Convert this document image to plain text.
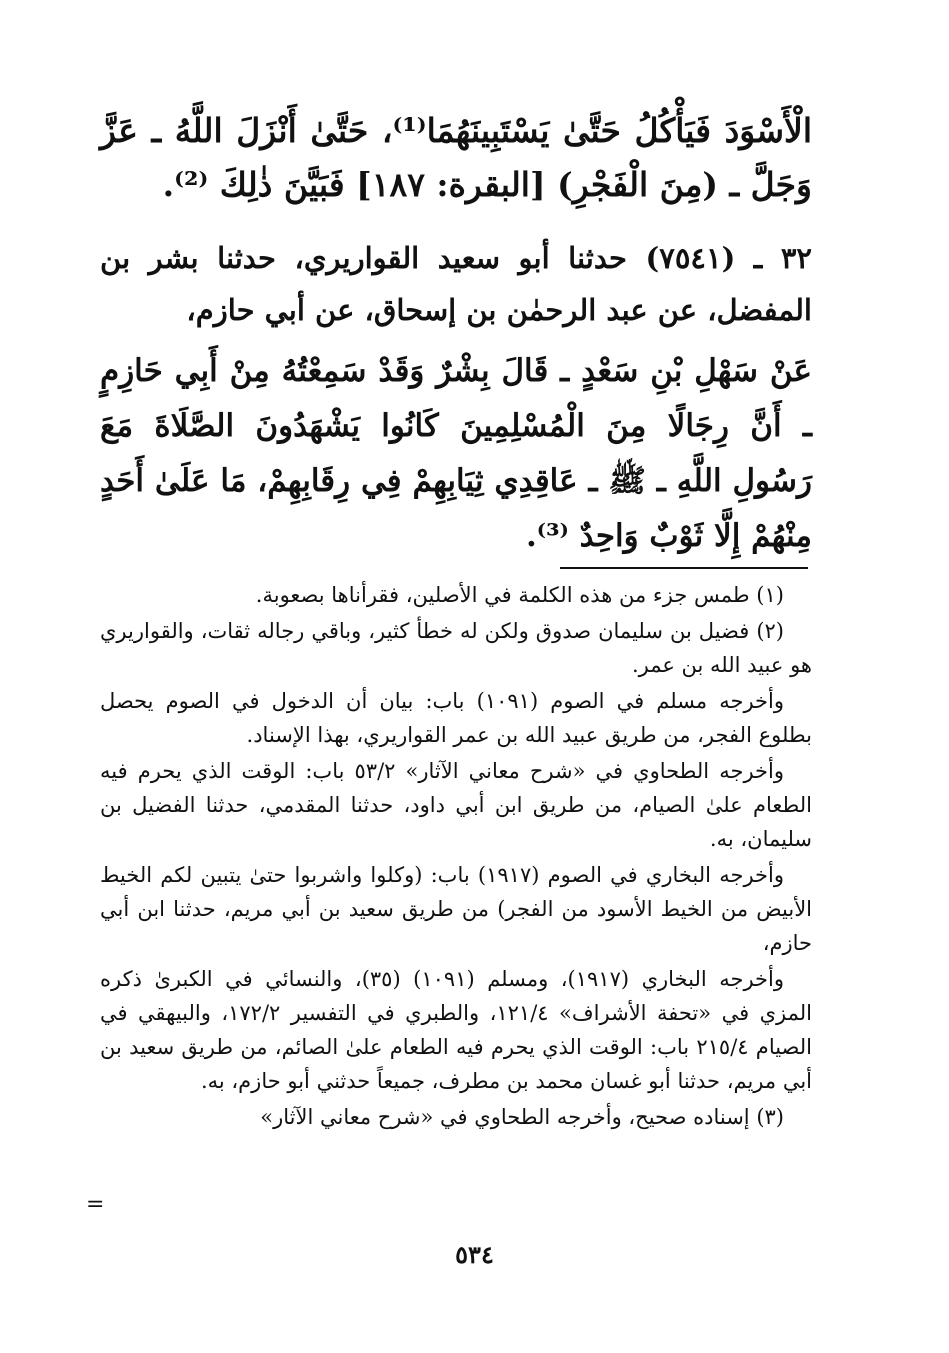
الْأَسْوَدَ فَيَأْكُلُ حَتَّىٰ يَسْتَبِينَهُمَا⁽¹⁾، حَتَّىٰ أَنْزَلَ اللَّهُ ـ عَزَّ وَجَلَّ ـ (مِنَ الْفَجْرِ) [البقرة: ١٨٧] فَبَيَّنَ ذٰلِكَ ⁽²⁾.

٣٢ ـ (٧٥٤١) حدثنا أبو سعيد القواريري، حدثنا بشر بن المفضل، عن عبد الرحمٰن بن إسحاق، عن أبي حازم،

عَنْ سَهْلِ بْنِ سَعْدٍ ـ قَالَ بِشْرٌ وَقَدْ سَمِعْتُهُ مِنْ أَبِي حَازِمٍ ـ أَنَّ رِجَالًا مِنَ الْمُسْلِمِينَ كَانُوا يَشْهَدُونَ الصَّلَاةَ مَعَ رَسُولِ اللَّهِ ـ ﷺ ـ عَاقِدِي ثِيَابِهِمْ فِي رِقَابِهِمْ، مَا عَلَىٰ أَحَدٍ مِنْهُمْ إِلَّا ثَوْبٌ وَاحِدٌ ⁽³⁾.

(١) طمس جزء من هذه الكلمة في الأصلين، فقرأناها بصعوبة.

(٢) فضيل بن سليمان صدوق ولكن له خطأ كثير، وباقي رجاله ثقات، والقواريري هو عبيد الله بن عمر.

وأخرجه مسلم في الصوم (١٠٩١) باب: بيان أن الدخول في الصوم يحصل بطلوع الفجر، من طريق عبيد الله بن عمر القواريري، بهذا الإسناد.

وأخرجه الطحاوي في «شرح معاني الآثار» ٥٣/٢ باب: الوقت الذي يحرم فيه الطعام علىٰ الصيام، من طريق ابن أبي داود، حدثنا المقدمي، حدثنا الفضيل بن سليمان، به.

وأخرجه البخاري في الصوم (١٩١٧) باب: (وكلوا واشربوا حتىٰ يتبين لكم الخيط الأبيض من الخيط الأسود من الفجر) من طريق سعيد بن أبي مريم، حدثنا ابن أبي حازم،

وأخرجه البخاري (١٩١٧)، ومسلم (١٠٩١) (٣٥)، والنسائي في الكبرىٰ ذكره المزي في «تحفة الأشراف» ١٢١/٤، والطبري في التفسير ١٧٢/٢، والبيهقي في الصيام ٢١٥/٤ باب: الوقت الذي يحرم فيه الطعام علىٰ الصائم، من طريق سعيد بن أبي مريم، حدثنا أبو غسان محمد بن مطرف، جميعاً حدثني أبو حازم، به.

(٣) إسناده صحيح، وأخرجه الطحاوي في «شرح معاني الآثار»

=
٥٣٤
